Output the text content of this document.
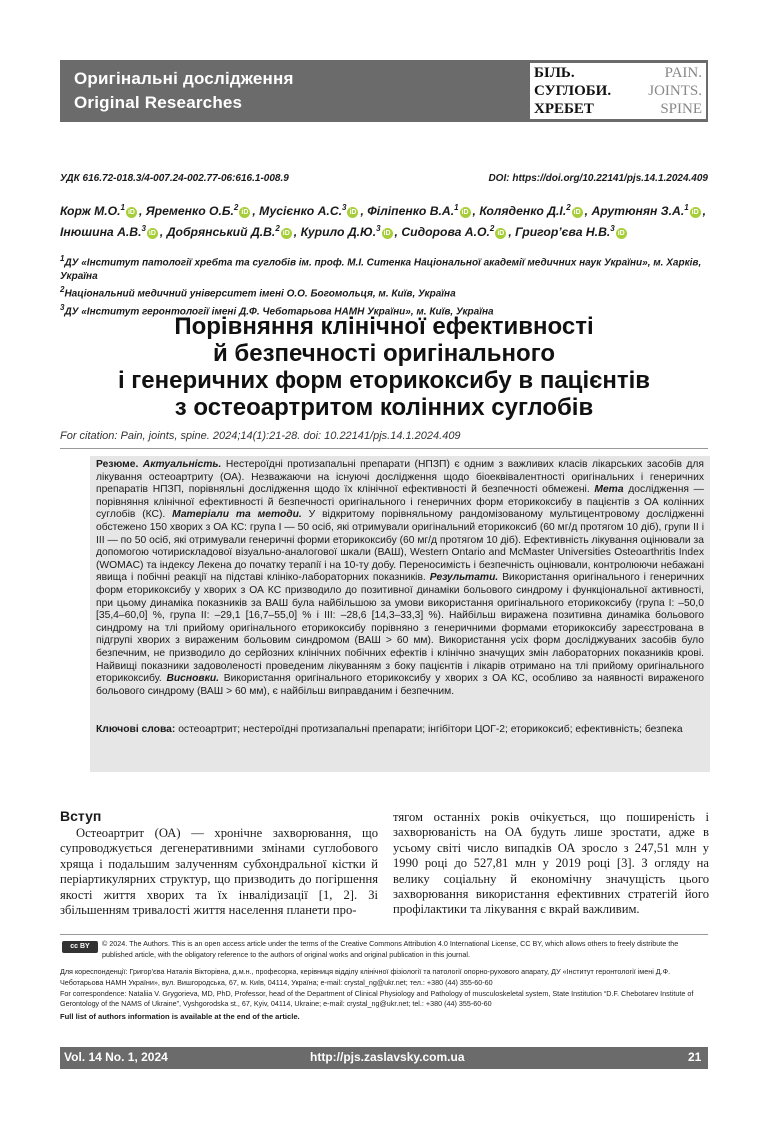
Оригінальні дослідження
Original Researches
БІЛЬ.	PAIN.
СУГЛОБИ. JOINTS.
ХРЕБЕТ	SPINE
УДК 616.72-018.3/4-007.24-002.77-06:616.1-008.9	DOI: https://doi.org/10.22141/pjs.14.1.2024.409
Корж М.О.$^1$iD , Яременко О.Б.$^2$iD , Мусієнко А.С.$^3$iD , Філіпенко В.А.$^1$iD , Коляденко Д.І.$^2$iD , Арутюнян З.А.$^1$iD , Інюшина А.В.$^3$iD , Добрянський Д.В.$^2$iD , Курило Д.Ю.$^3$iD , Сидорова А.О.$^2$iD , Григор’єва Н.В.$^3$iD
$^1$ДУ «Інститут патології хребта та суглобів ім. проф. М.І. Ситенка Національної академії медичних наук України», м. Харків, Україна
$^2$Національний медичний університет імені О.О. Богомольця, м. Київ, Україна
$^3$ДУ «Інститут геронтології імені Д.Ф. Чеботарьова НАМН України», м. Київ, Україна
Порівняння клінічної ефективності
й безпечності оригінального
і генеричних форм еторикоксибу в пацієнтів
з остеоартритом колінних суглобів
For citation: Pain, joints, spine. 2024;14(1):21-28. doi: 10.22141/pjs.14.1.2024.409
Резюме. Актуальність. Нестероїдні протизапальні препарати (НПЗП) є одним з важливих класів лікарських засобів для лікування остеоартриту (ОА). Незважаючи на існуючі дослідження щодо біоеквівалентності оригінальних і генеричних препаратів НПЗП, порівняльні дослідження щодо їх клінічної ефективності й безпечності обмежені. Мета дослідження — порівняння клінічної ефективності й безпечності оригінального і генеричних форм еторикоксибу в пацієнтів з ОА колінних суглобів (КС). Матеріали та методи. У відкритому порівняльному рандомізованому мультицентровому дослідженні обстежено 150 хворих з ОА КС: група І — 50 осіб, які отримували оригінальний еторикоксиб (60 мг/д протягом 10 діб), групи ІІ і ІІІ — по 50 осіб, які отримували генеричні форми еторикоксибу (60 мг/д протягом 10 діб). Ефективність лікування оцінювали за допомогою чотирискладової візуально-аналогової шкали (ВАШ), Western Ontario and McMaster Universities Osteoarthritis Index (WOMAC) та індексу Лекена до початку терапії і на 10-ту добу. Переносимість і безпечність оцінювали, контролюючи небажані явища і побічні реакції на підставі клініко-лабораторних показників. Результати. Використання оригінального і генеричних форм еторикоксибу у хворих з ОА КС призводило до позитивної динаміки больового синдрому і функціональної активності, при цьому динаміка показників за ВАШ була найбільшою за умови використання оригінального еторикоксибу (група І: –50,0 [35,4–60,0] %, група ІІ: –29,1 [16,7–55,0] % і ІІІ: –28,6 [14,3–33,3] %). Найбільш виражена позитивна динаміка больового синдрому на тлі прийому оригінального еторикоксибу порівняно з генеричними формами еторикоксибу зареєстрована в підгрупі хворих з вираженим больовим синдромом (ВАШ > 60 мм). Використання усіх форм досліджуваних засобів було безпечним, не призводило до серйозних клінічних побічних ефектів і клінічно значущих змін лабораторних показників крові. Найвищі показники задоволеності проведеним лікуванням з боку пацієнтів і лікарів отримано на тлі прийому оригінального еторикоксибу. Висновки. Використання оригінального еторикоксибу у хворих з ОА КС, особливо за наявності вираженого больового синдрому (ВАШ > 60 мм), є найбільш виправданим і безпечним.
Ключові слова: остеоартрит; нестероїдні протизапальні препарати; інгібітори ЦОГ-2; еторикоксиб; ефективність; безпека
Вступ
Остеоартрит (ОА) — хронічне захворювання, що супроводжується дегенеративними змінами суглобового хряща і подальшим залученням субхондральної кістки й періартикулярних структур, що призводить до погіршення якості життя хворих та їх інвалідизації [1, 2]. Зі збільшенням тривалості життя населення планети про-
тягом останніх років очікується, що поширеність і захворюваність на ОА будуть лише зростати, адже в усьому світі число випадків ОА зросло з 247,51 млн у 1990 році до 527,81 млн у 2019 році [3]. З огляду на велику соціальну й економічну значущість цього захворювання використання ефективних стратегій його профілактики та лікування є вкрай важливим.
cc BY	© 2024. The Authors. This is an open access article under the terms of the Creative Commons Attribution 4.0 International License, CC BY, which allows others to freely distribute the published article, with the obligatory reference to the authors of original works and original publication in this journal.
Для кореспонденції: Григор’єва Наталія Вікторівна, д.м.н., професорка, керівниця відділу клінічної фізіології та патології опорно-рухового апарату, ДУ «Інститут геронтології імені Д.Ф. Чеботарьова НАМН України», вул. Вишгородська, 67, м. Київ, 04114, Україна; e-mail: crystal_ng@ukr.net; тел.: +380 (44) 355-60-60
For correspondence: Nataliia V. Grygorieva, MD, PhD, Professor, head of the Department of Clinical Physiology and Pathology of musculoskeletal system, State Institution “D.F. Chebotarev Institute of Gerontology of the NAMS of Ukraine”, Vyshgorodska st., 67, Kyiv, 04114, Ukraine; e-mail: crystal_ng@ukr.net; tel.: +380 (44) 355-60-60
Full list of authors information is available at the end of the article.
Vol. 14 No. 1, 2024	http://pjs.zaslavsky.com.ua	21
